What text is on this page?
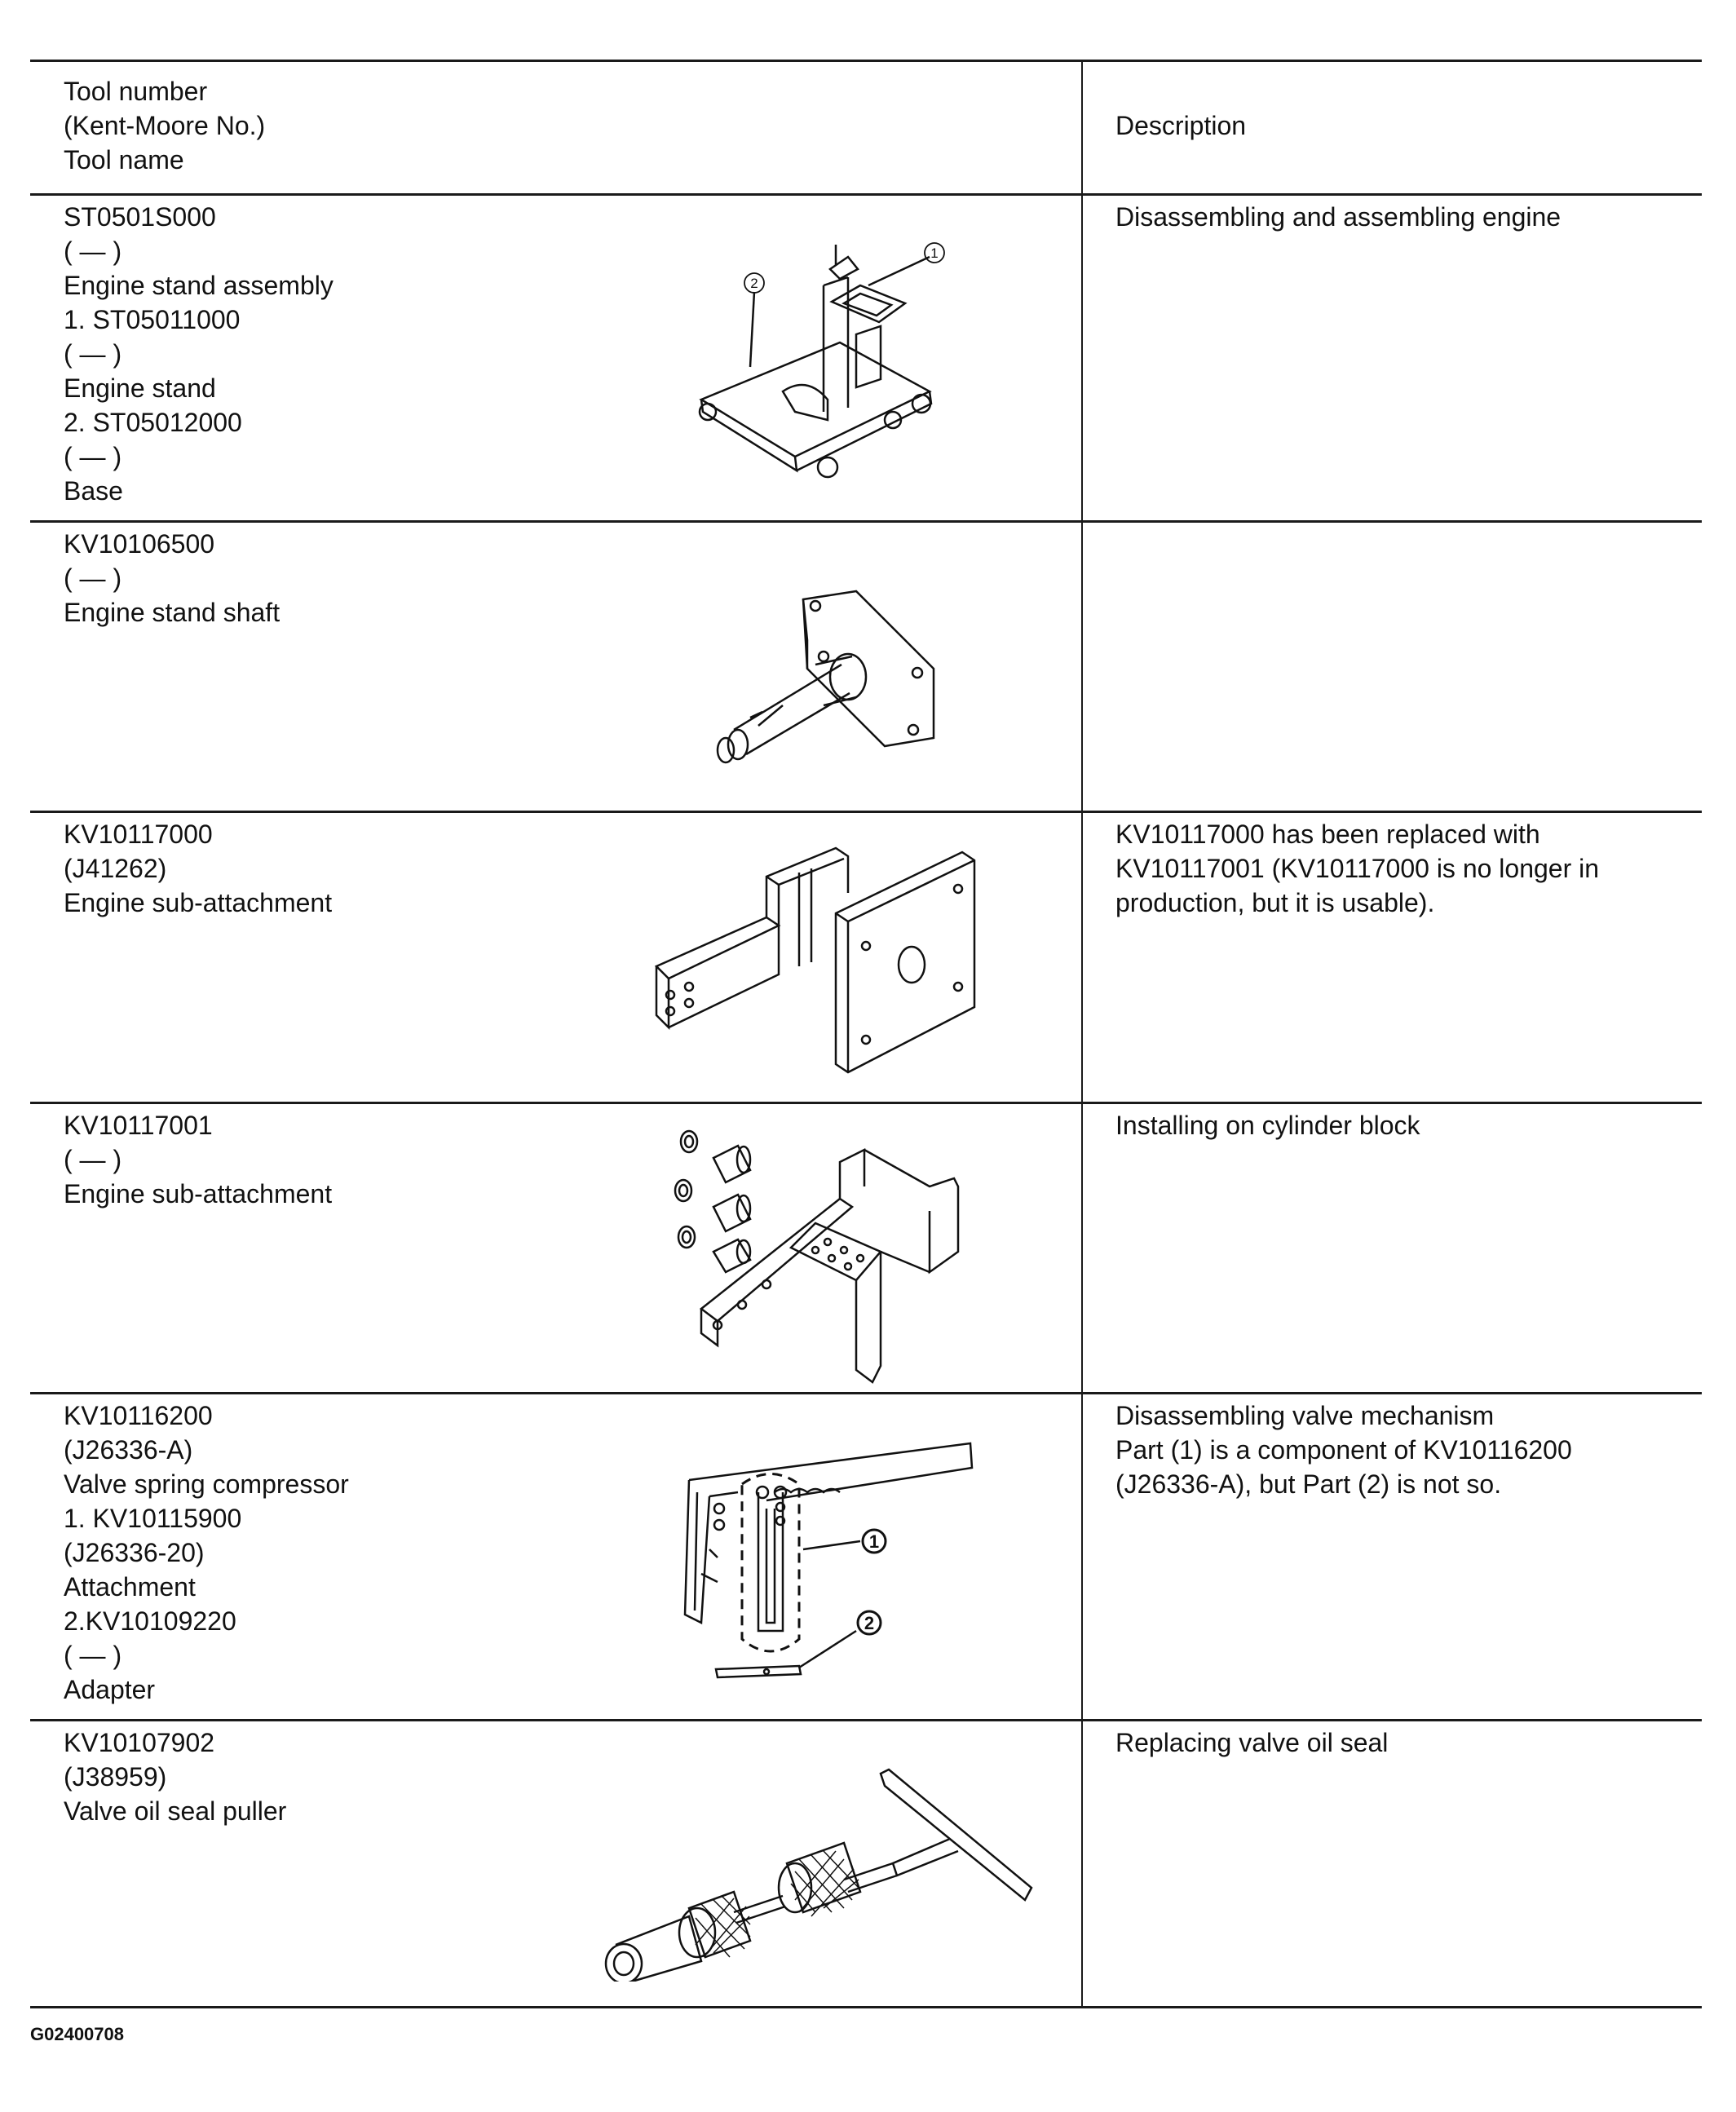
Tool number
(Kent-Moore No.)
Tool name
Description
ST0501S000
( — )
Engine stand assembly
1. ST05011000
( — )
Engine stand
2. ST05012000
( — )
Base
Disassembling and assembling engine
1
2
KV10106500
( — )
Engine stand shaft
KV10117000
(J41262)
Engine sub-attachment
KV10117000 has been replaced with
KV10117001 (KV10117000 is no longer in
production, but it is usable).
KV10117001
( — )
Engine sub-attachment
Installing on cylinder block
KV10116200
(J26336-A)
Valve spring compressor
1. KV10115900
(J26336-20)
Attachment
2.KV10109220
( — )
Adapter
Disassembling valve mechanism
Part (1) is a component of KV10116200
(J26336-A), but Part (2) is not so.
1
2
KV10107902
(J38959)
Valve oil seal puller
Replacing valve oil seal
G02400708
